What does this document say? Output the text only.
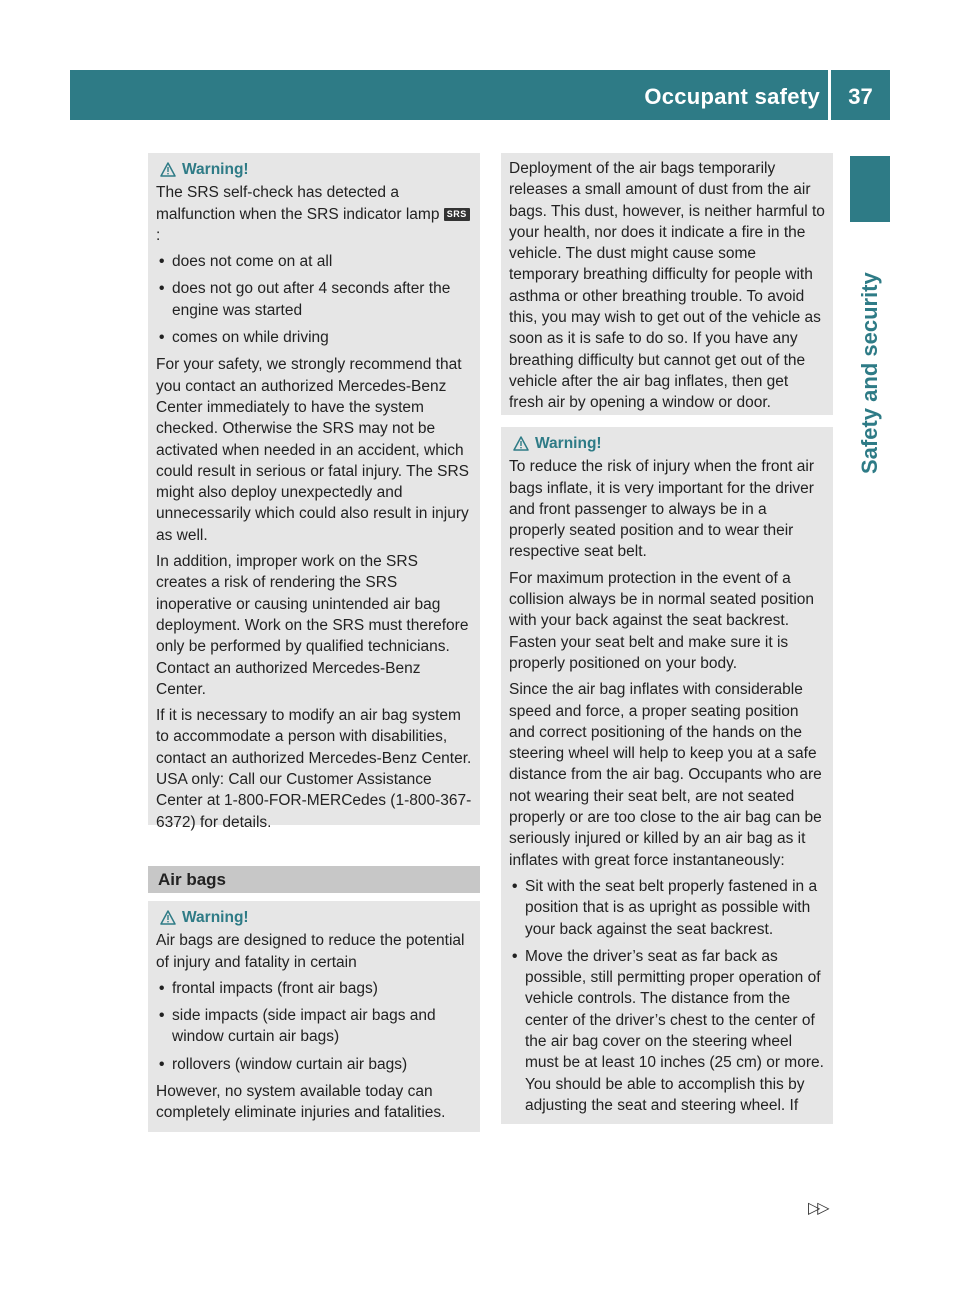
Occupant safety	37
Safety and security
Warning!

The SRS self-check has detected a malfunction when the SRS indicator lamp SRS:

• does not come on at all
• does not go out after 4 seconds after the engine was started
• comes on while driving

For your safety, we strongly recommend that you contact an authorized Mercedes-Benz Center immediately to have the system checked. Otherwise the SRS may not be activated when needed in an accident, which could result in serious or fatal injury. The SRS might also deploy unexpectedly and unnecessarily which could also result in injury as well.

In addition, improper work on the SRS creates a risk of rendering the SRS inoperative or causing unintended air bag deployment. Work on the SRS must therefore only be performed by qualified technicians. Contact an authorized Mercedes-Benz Center.

If it is necessary to modify an air bag system to accommodate a person with disabilities, contact an authorized Mercedes-Benz Center. USA only: Call our Customer Assistance Center at 1-800-FOR-MERCedes (1-800-367-6372) for details.

Air bags
Warning!

Air bags are designed to reduce the potential of injury and fatality in certain

• frontal impacts (front air bags)
• side impacts (side impact air bags and window curtain air bags)
• rollovers (window curtain air bags)

However, no system available today can completely eliminate injuries and fatalities.

Deployment of the air bags temporarily releases a small amount of dust from the air bags. This dust, however, is neither harmful to your health, nor does it indicate a fire in the vehicle. The dust might cause some temporary breathing difficulty for people with asthma or other breathing trouble. To avoid this, you may wish to get out of the vehicle as soon as it is safe to do so. If you have any breathing difficulty but cannot get out of the vehicle after the air bag inflates, then get fresh air by opening a window or door.

Warning!

To reduce the risk of injury when the front air bags inflate, it is very important for the driver and front passenger to always be in a properly seated position and to wear their respective seat belt.

For maximum protection in the event of a collision always be in normal seated position with your back against the seat backrest. Fasten your seat belt and make sure it is properly positioned on your body.

Since the air bag inflates with considerable speed and force, a proper seating position and correct positioning of the hands on the steering wheel will help to keep you at a safe distance from the air bag. Occupants who are not wearing their seat belt, are not seated properly or are too close to the air bag can be seriously injured or killed by an air bag as it inflates with great force instantaneously:

• Sit with the seat belt properly fastened in a position that is as upright as possible with your back against the seat backrest.
• Move the driver’s seat as far back as possible, still permitting proper operation of vehicle controls. The distance from the center of the driver’s chest to the center of the air bag cover on the steering wheel must be at least 10 inches (25 cm) or more. You should be able to accomplish this by adjusting the seat and steering wheel. If
▷▷
